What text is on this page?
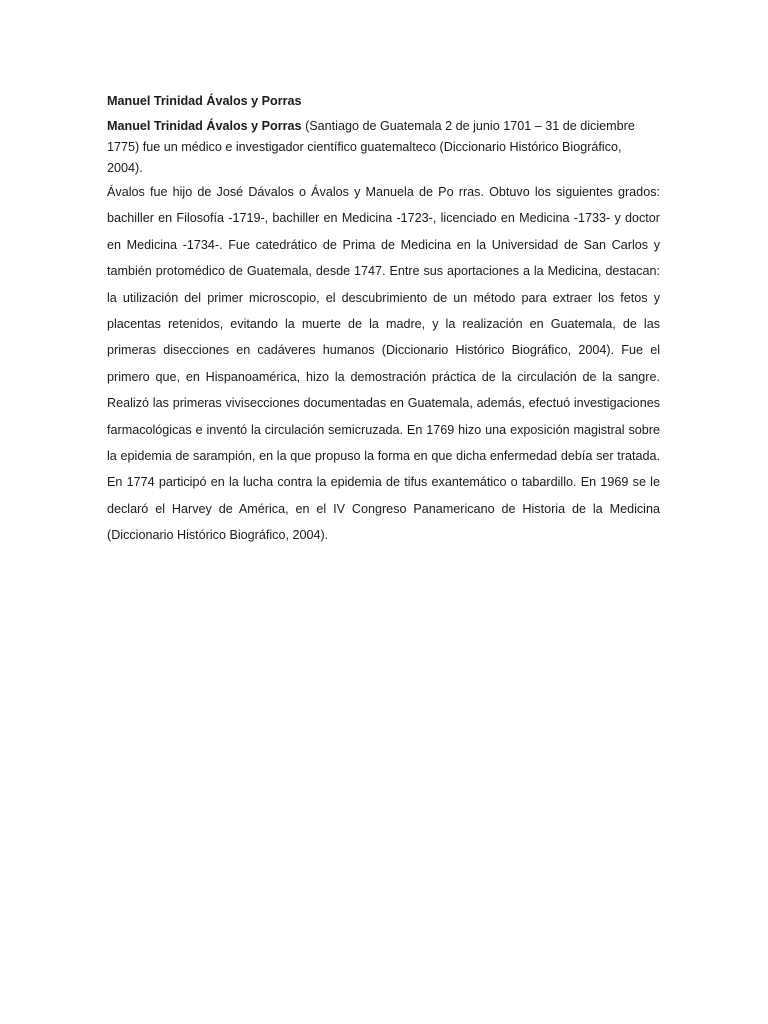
Manuel Trinidad Ávalos y Porras

Manuel Trinidad Ávalos y Porras (Santiago de Guatemala 2 de junio 1701 – 31 de diciembre 1775) fue un médico e investigador científico guatemalteco (Diccionario Histórico Biográfico, 2004).

Ávalos fue hijo de José Dávalos o Ávalos y Manuela de Po rras. Obtuvo los siguientes grados: bachiller en Filosofía -1719-, bachiller en Medicina -1723-, licenciado en Medicina -1733- y doctor en Medicina -1734-. Fue catedrático de Prima de Medicina en la Universidad de San Carlos y también protomédico de Guatemala, desde 1747. Entre sus aportaciones a la Medicina, destacan: la utilización del primer microscopio, el descubrimiento de un método para extraer los fetos y placentas retenidos, evitando la muerte de la madre, y la realización en Guatemala, de las primeras disecciones en cadáveres humanos (Diccionario Histórico Biográfico, 2004). Fue el primero que, en Hispanoamérica, hizo la demostración práctica de la circulación de la sangre. Realizó las primeras vivisecciones documentadas en Guatemala, además, efectuó investigaciones farmacológicas e inventó la circulación semicruzada. En 1769 hizo una exposición magistral sobre la epidemia de sarampión, en la que propuso la forma en que dicha enfermedad debía ser tratada. En 1774 participó en la lucha contra la epidemia de tifus exantemático o tabardillo. En 1969 se le declaró el Harvey de América, en el IV Congreso Panamericano de Historia de la Medicina (Diccionario Histórico Biográfico, 2004).
